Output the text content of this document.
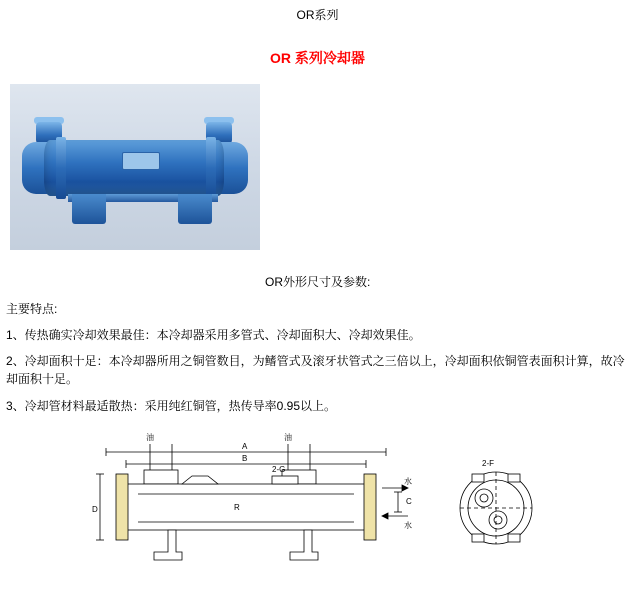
OR系列
OR 系列冷却器
OR外形尺寸及参数:
主要特点:
1、传热确实冷却效果最佳：本冷却器采用多管式、冷却面积大、冷却效果佳。
2、冷却面积十足：本冷却器所用之铜管数目，为鳍管式及滚牙状管式之三倍以上，冷却面积依铜管表面积计算，故冷却面积十足。
3、冷却管材料最适散热：采用纯红铜管，热传导率0.95以上。
油	油
A
B
R
D
C
水
水
2-G
2-F
